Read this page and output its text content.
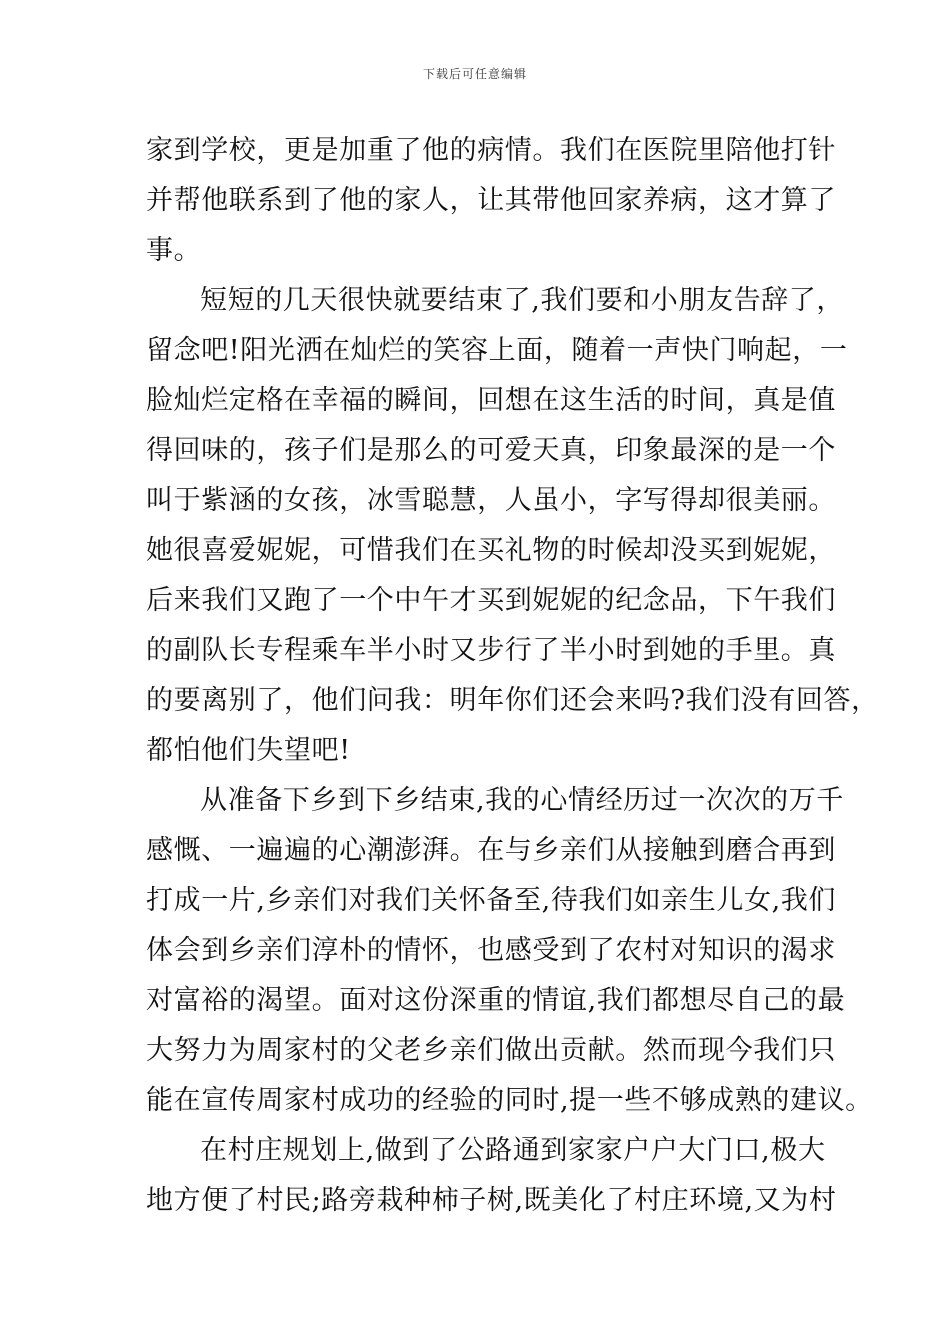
下载后可任意编辑
家到学校，更是加重了他的病情。我们在医院里陪他打针
并帮他联系到了他的家人，让其带他回家养病，这才算了
事。
短短的几天很快就要结束了,我们要和小朋友告辞了，
留念吧!阳光洒在灿烂的笑容上面，随着一声快门响起，一
脸灿烂定格在幸福的瞬间，回想在这生活的时间，真是值
得回味的，孩子们是那么的可爱天真，印象最深的是一个
叫于紫涵的女孩，冰雪聪慧，人虽小，字写得却很美丽。
她很喜爱妮妮，可惜我们在买礼物的时候却没买到妮妮，
后来我们又跑了一个中午才买到妮妮的纪念品，下午我们
的副队长专程乘车半小时又步行了半小时到她的手里。真
的要离别了，他们问我：明年你们还会来吗?我们没有回答，
都怕他们失望吧!
从准备下乡到下乡结束,我的心情经历过一次次的万千
感慨、一遍遍的心潮澎湃。在与乡亲们从接触到磨合再到
打成一片,乡亲们对我们关怀备至,待我们如亲生儿女,我们
体会到乡亲们淳朴的情怀，也感受到了农村对知识的渴求
对富裕的渴望。面对这份深重的情谊,我们都想尽自己的最
大努力为周家村的父老乡亲们做出贡献。然而现今我们只
能在宣传周家村成功的经验的同时,提一些不够成熟的建议。
在村庄规划上,做到了公路通到家家户户大门口,极大
地方便了村民;路旁栽种柿子树,既美化了村庄环境,又为村
